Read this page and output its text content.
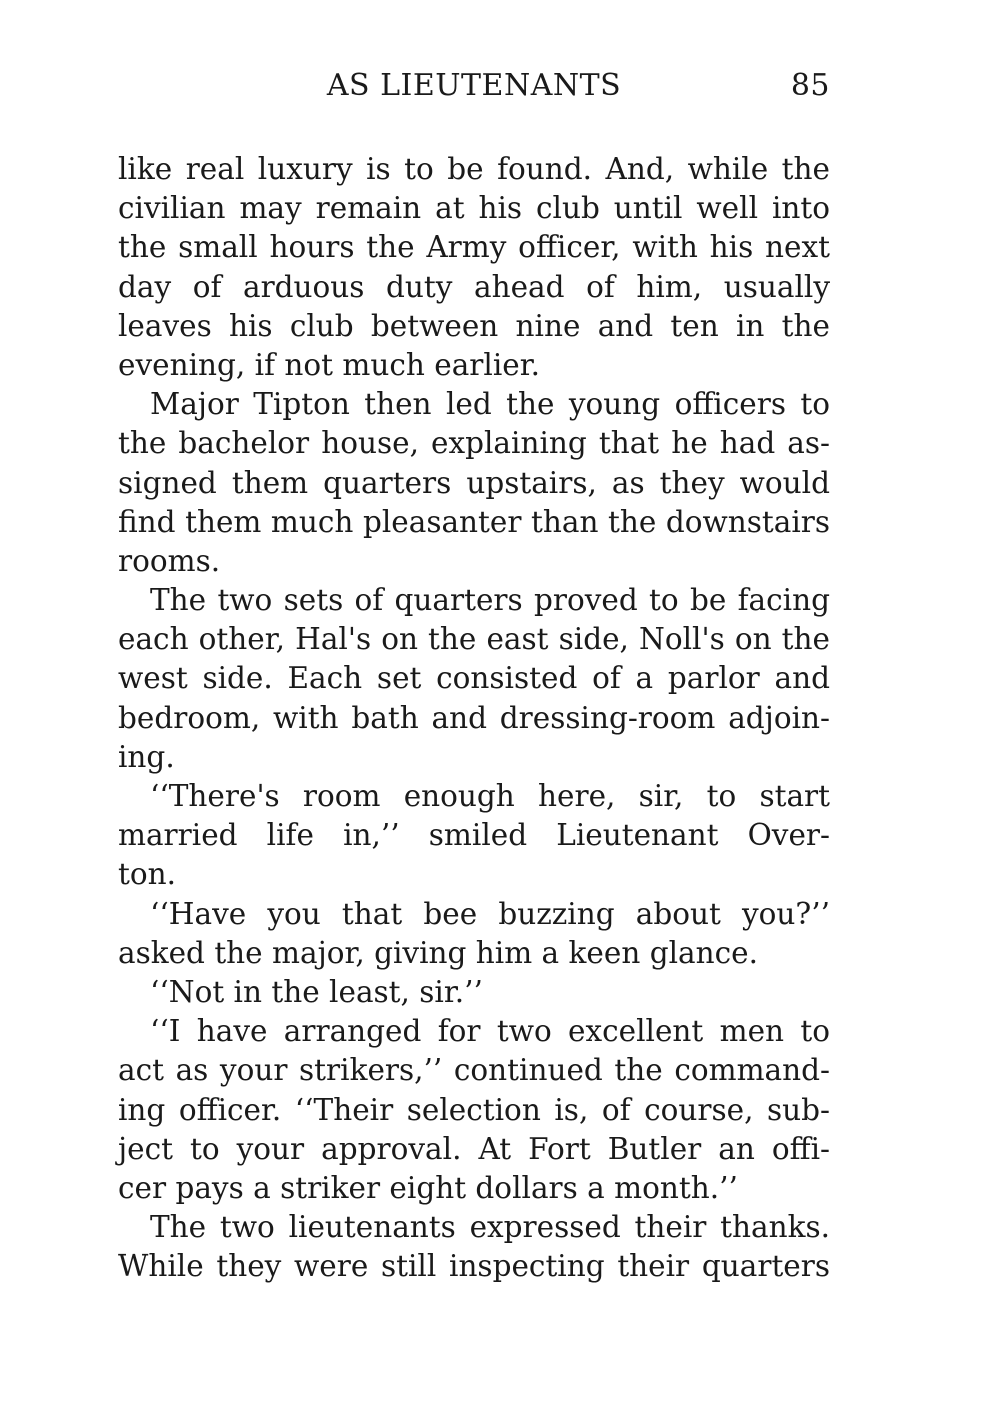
AS LIEUTENANTS	85
like real luxury is to be found. And, while the
civilian may remain at his club until well into
the small hours the Army officer, with his next
day of arduous duty ahead of him, usually
leaves his club between nine and ten in the
evening, if not much earlier.
Major Tipton then led the young officers to
the bachelor house, explaining that he had as-
signed them quarters upstairs, as they would
find them much pleasanter than the downstairs
rooms.
The two sets of quarters proved to be facing
each other, Hal's on the east side, Noll's on the
west side. Each set consisted of a parlor and
bedroom, with bath and dressing-room adjoin-
ing.
‘‘There's room enough here, sir, to start
married life in,’’ smiled Lieutenant Over-
ton.
‘‘Have you that bee buzzing about you?’’
asked the major, giving him a keen glance.
‘‘Not in the least, sir.’’
‘‘I have arranged for two excellent men to
act as your strikers,’’ continued the command-
ing officer. ‘‘Their selection is, of course, sub-
ject to your approval. At Fort Butler an offi-
cer pays a striker eight dollars a month.’’
The two lieutenants expressed their thanks.
While they were still inspecting their quarters
